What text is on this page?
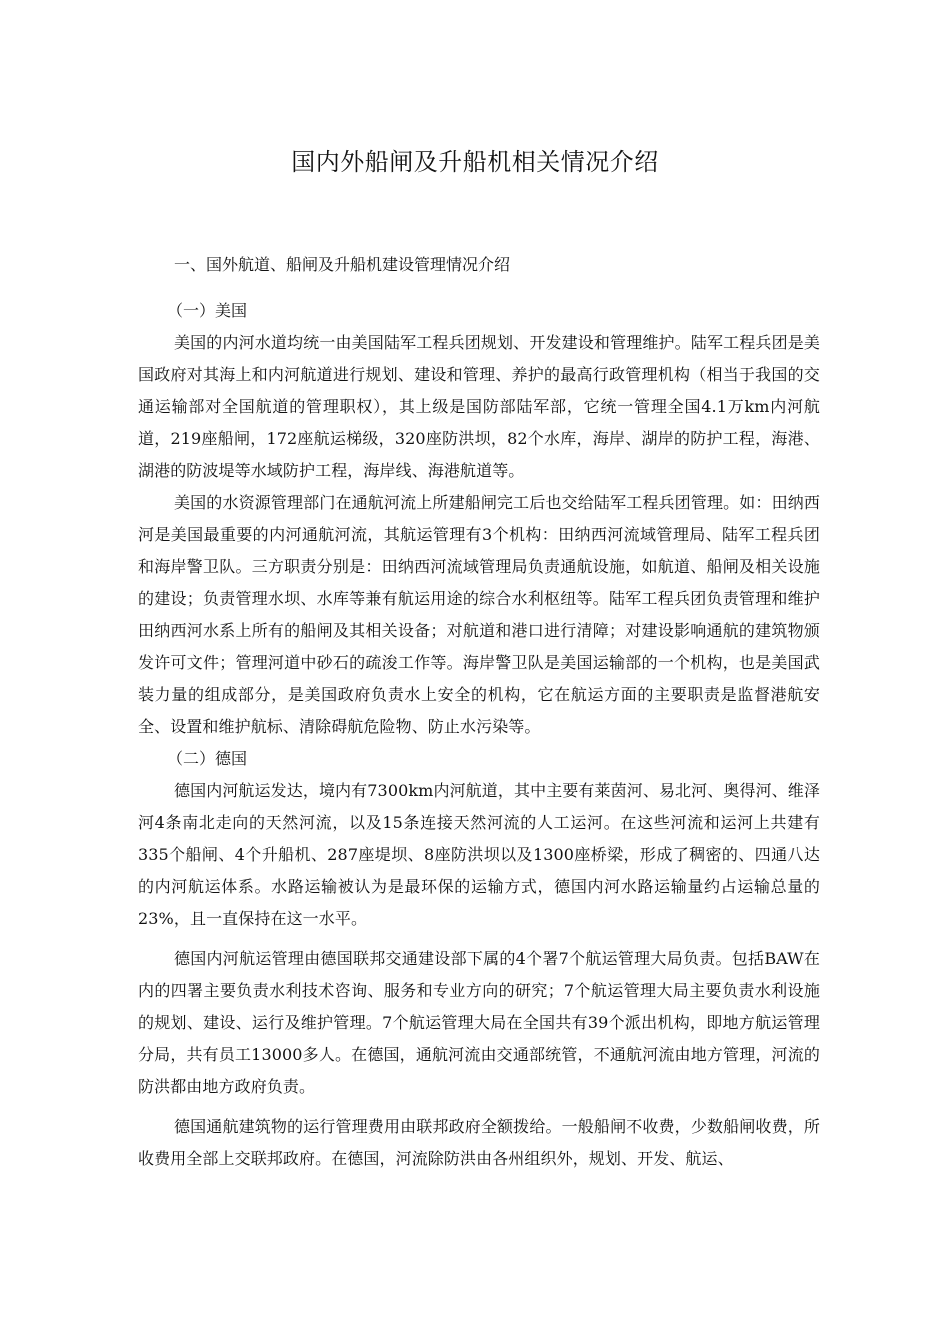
国内外船闸及升船机相关情况介绍
一、国外航道、船闸及升船机建设管理情况介绍

（一）美国

美国的内河水道均统一由美国陆军工程兵团规划、开发建设和管理维护。陆军工程兵团是美国政府对其海上和内河航道进行规划、建设和管理、养护的最高行政管理机构（相当于我国的交通运输部对全国航道的管理职权），其上级是国防部陆军部，它统一管理全国4.1万km内河航道，219座船闸，172座航运梯级，320座防洪坝，82个水库，海岸、湖岸的防护工程，海港、湖港的防波堤等水域防护工程，海岸线、海港航道等。

美国的水资源管理部门在通航河流上所建船闸完工后也交给陆军工程兵团管理。如：田纳西河是美国最重要的内河通航河流，其航运管理有3个机构：田纳西河流域管理局、陆军工程兵团和海岸警卫队。三方职责分别是：田纳西河流域管理局负责通航设施，如航道、船闸及相关设施的建设；负责管理水坝、水库等兼有航运用途的综合水利枢纽等。陆军工程兵团负责管理和维护田纳西河水系上所有的船闸及其相关设备；对航道和港口进行清障；对建设影响通航的建筑物颁发许可文件；管理河道中砂石的疏浚工作等。海岸警卫队是美国运输部的一个机构，也是美国武装力量的组成部分，是美国政府负责水上安全的机构，它在航运方面的主要职责是监督港航安全、设置和维护航标、清除碍航危险物、防止水污染等。

（二）德国

德国内河航运发达，境内有7300km内河航道，其中主要有莱茵河、易北河、奥得河、维泽河4条南北走向的天然河流，以及15条连接天然河流的人工运河。在这些河流和运河上共建有335个船闸、4个升船机、287座堤坝、8座防洪坝以及1300座桥梁，形成了稠密的、四通八达的内河航运体系。水路运输被认为是最环保的运输方式，德国内河水路运输量约占运输总量的23%，且一直保持在这一水平。

德国内河航运管理由德国联邦交通建设部下属的4个署7个航运管理大局负责。包括BAW在内的四署主要负责水利技术咨询、服务和专业方向的研究；7个航运管理大局主要负责水利设施的规划、建设、运行及维护管理。7个航运管理大局在全国共有39个派出机构，即地方航运管理分局，共有员工13000多人。在德国，通航河流由交通部统管，不通航河流由地方管理，河流的防洪都由地方政府负责。

德国通航建筑物的运行管理费用由联邦政府全额拨给。一般船闸不收费，少数船闸收费，所收费用全部上交联邦政府。在德国，河流除防洪由各州组织外，规划、开发、航运、
